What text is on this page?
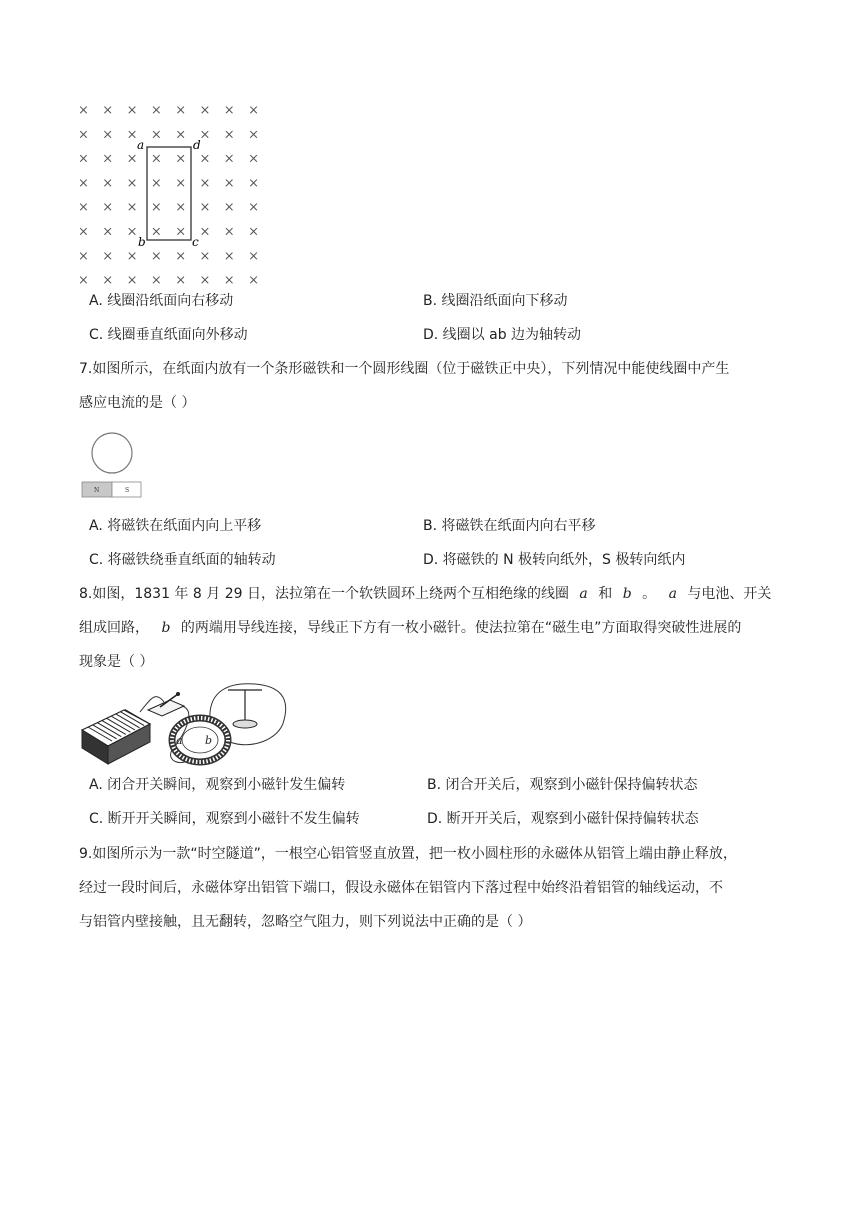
× × × × × × × ×
× × × × × × × ×
× × × × × × × ×
× × × × × × × ×
× × × × × × × ×
× × × × × × × ×
× × × × × × × ×
× × × × × × × ×
a	d
b	c
A. 线圈沿纸面向右移动	B. 线圈沿纸面向下移动
C. 线圈垂直纸面向外移动	D. 线圈以 ab 边为轴转动
7.如图所示，在纸面内放有一个条形磁铁和一个圆形线圈（位于磁铁正中央），下列情况中能使线圈中产生
感应电流的是（ ）
N	S
A. 将磁铁在纸面内向上平移	B. 将磁铁在纸面内向右平移
C. 将磁铁绕垂直纸面的轴转动	D. 将磁铁的 N 极转向纸外，S 极转向纸内
8.如图，1831 年 8 月 29 日，法拉第在一个软铁圆环上绕两个互相绝缘的线圈 a 和 b 。 a 与电池、开关
组成回路， b 的两端用导线连接，导线正下方有一枚小磁针。使法拉第在“磁生电”方面取得突破性进展的
现象是（ ）
a b
A. 闭合开关瞬间，观察到小磁针发生偏转	B. 闭合开关后，观察到小磁针保持偏转状态
C. 断开开关瞬间，观察到小磁针不发生偏转	D. 断开开关后，观察到小磁针保持偏转状态
9.如图所示为一款“时空隧道”，一根空心铝管竖直放置，把一枚小圆柱形的永磁体从铝管上端由静止释放，
经过一段时间后，永磁体穿出铝管下端口，假设永磁体在铝管内下落过程中始终沿着铝管的轴线运动，不
与铝管内壁接触，且无翻转，忽略空气阻力，则下列说法中正确的是（ ）
